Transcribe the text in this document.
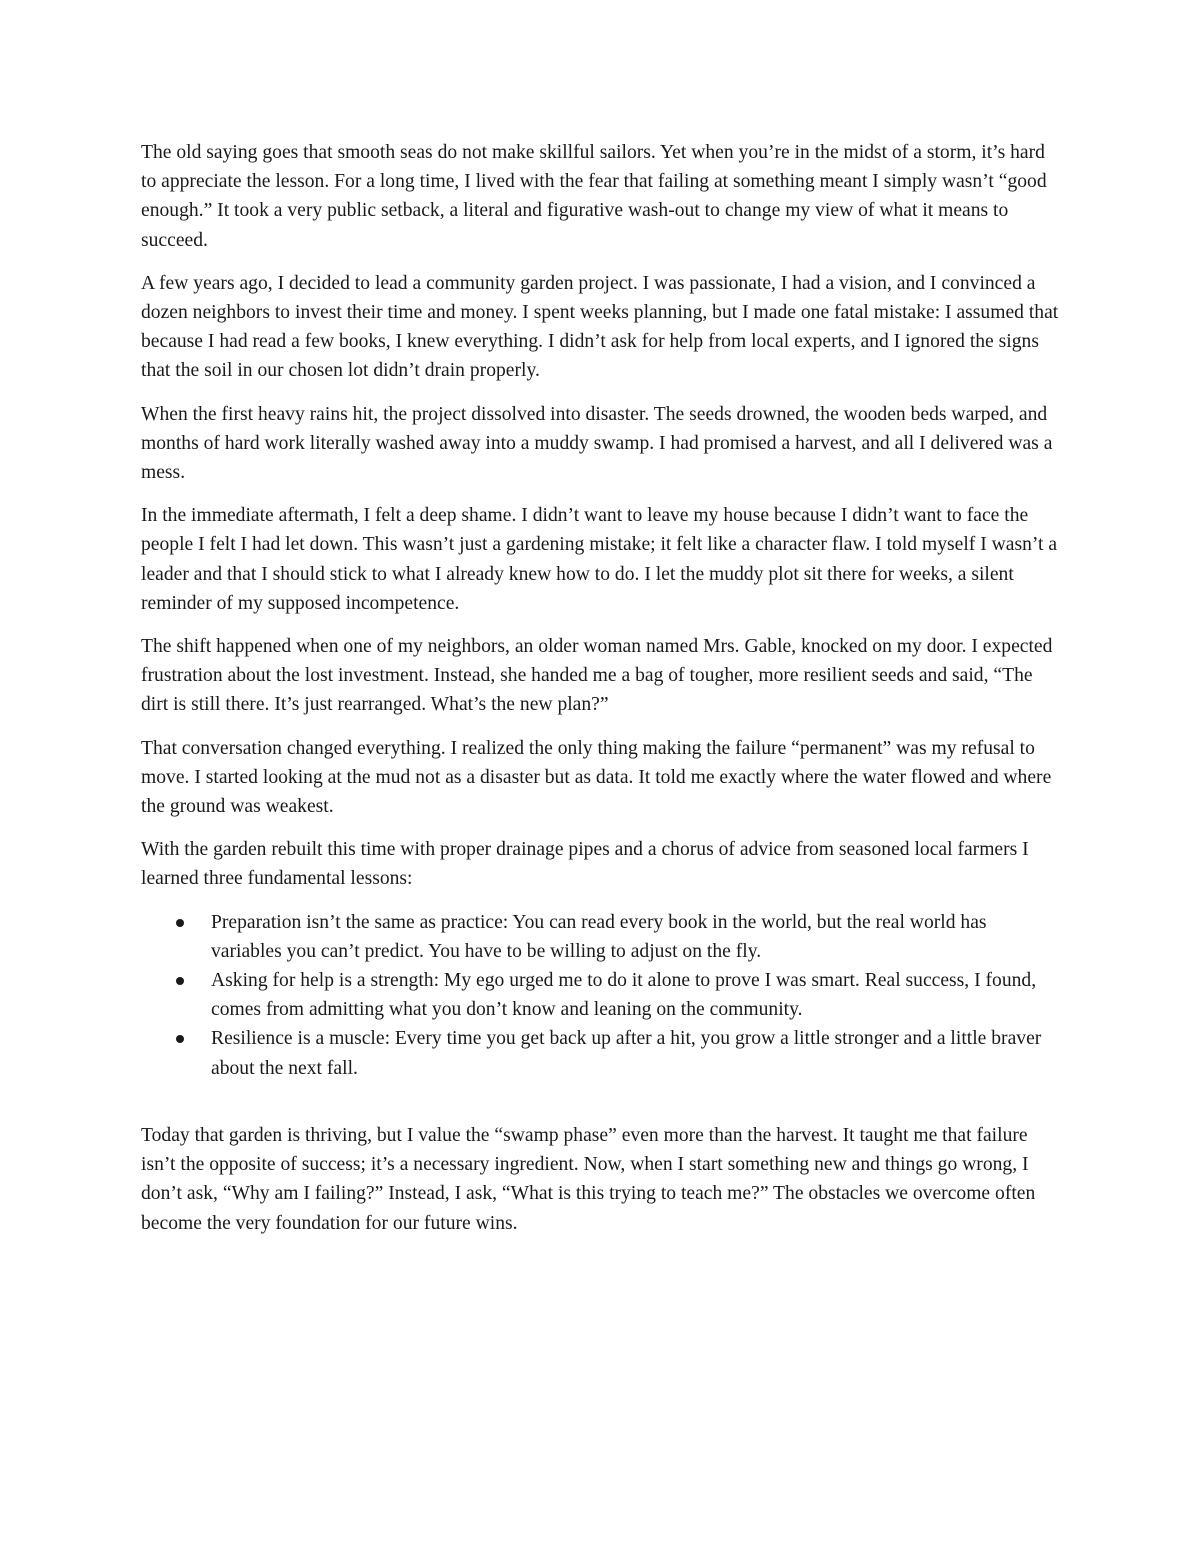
The old saying goes that smooth seas do not make skillful sailors. Yet when you’re in the midst of a storm, it’s hard to appreciate the lesson. For a long time, I lived with the fear that failing at something meant I simply wasn’t “good enough.” It took a very public setback, a literal and figurative wash-out to change my view of what it means to succeed.

A few years ago, I decided to lead a community garden project. I was passionate, I had a vision, and I convinced a dozen neighbors to invest their time and money. I spent weeks planning, but I made one fatal mistake: I assumed that because I had read a few books, I knew everything. I didn’t ask for help from local experts, and I ignored the signs that the soil in our chosen lot didn’t drain properly.

When the first heavy rains hit, the project dissolved into disaster. The seeds drowned, the wooden beds warped, and months of hard work literally washed away into a muddy swamp. I had promised a harvest, and all I delivered was a mess.

In the immediate aftermath, I felt a deep shame. I didn’t want to leave my house because I didn’t want to face the people I felt I had let down. This wasn’t just a gardening mistake; it felt like a character flaw. I told myself I wasn’t a leader and that I should stick to what I already knew how to do. I let the muddy plot sit there for weeks, a silent reminder of my supposed incompetence.

The shift happened when one of my neighbors, an older woman named Mrs. Gable, knocked on my door. I expected frustration about the lost investment. Instead, she handed me a bag of tougher, more resilient seeds and said, “The dirt is still there. It’s just rearranged. What’s the new plan?”

That conversation changed everything. I realized the only thing making the failure “permanent” was my refusal to move. I started looking at the mud not as a disaster but as data. It told me exactly where the water flowed and where the ground was weakest.

With the garden rebuilt this time with proper drainage pipes and a chorus of advice from seasoned local farmers I learned three fundamental lessons:

Preparation isn’t the same as practice: You can read every book in the world, but the real world has variables you can’t predict. You have to be willing to adjust on the fly.
Asking for help is a strength: My ego urged me to do it alone to prove I was smart. Real success, I found, comes from admitting what you don’t know and leaning on the community.
Resilience is a muscle: Every time you get back up after a hit, you grow a little stronger and a little braver about the next fall.

Today that garden is thriving, but I value the “swamp phase” even more than the harvest. It taught me that failure isn’t the opposite of success; it’s a necessary ingredient. Now, when I start something new and things go wrong, I don’t ask, “Why am I failing?” Instead, I ask, “What is this trying to teach me?” The obstacles we overcome often become the very foundation for our future wins.
